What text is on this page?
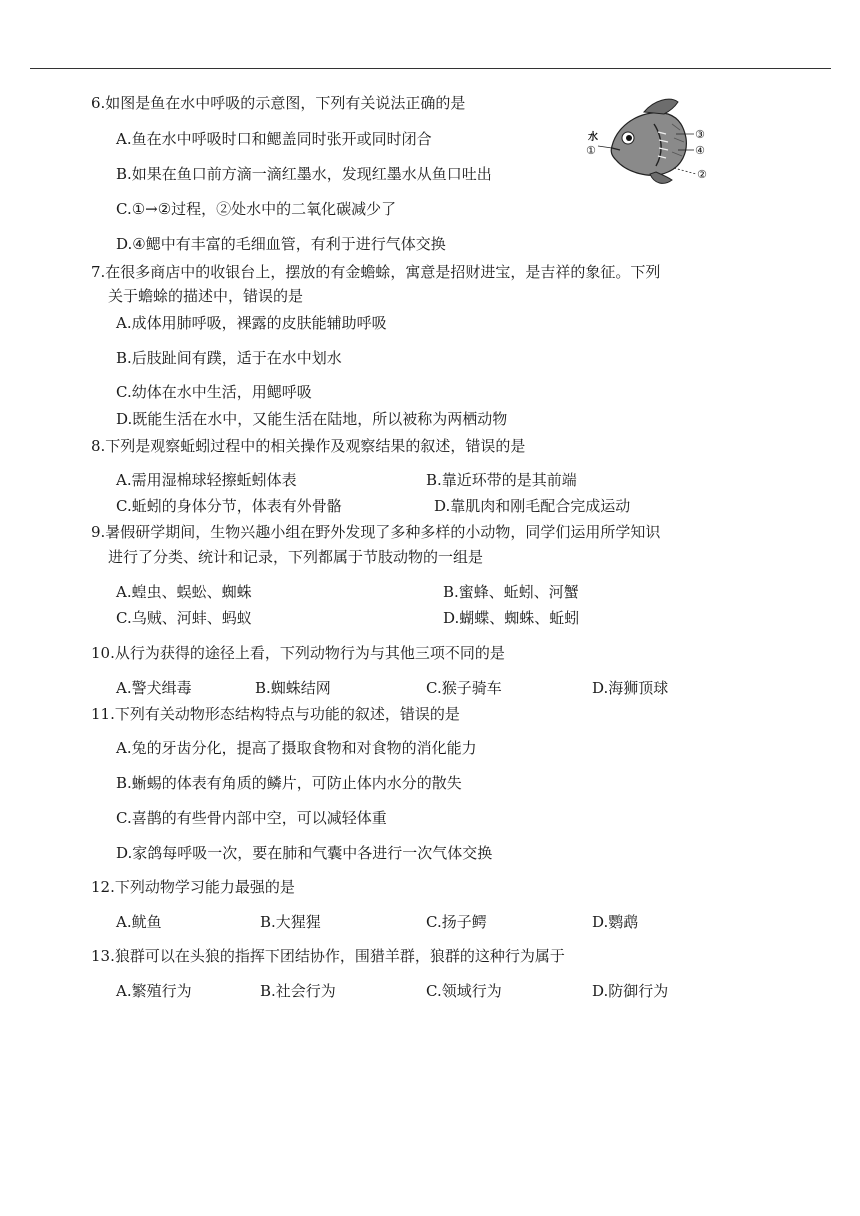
6.如图是鱼在水中呼吸的示意图，下列有关说法正确的是
A.鱼在水中呼吸时口和鳃盖同时张开或同时闭合
B.如果在鱼口前方滴一滴红墨水，发现红墨水从鱼口吐出
C.①→②过程，②处水中的二氧化碳减少了
D.④鳃中有丰富的毛细血管，有利于进行气体交换
水
①
③
④
②
7.在很多商店中的收银台上，摆放的有金蟾蜍，寓意是招财进宝，是吉祥的象征。下列
关于蟾蜍的描述中，错误的是
A.成体用肺呼吸，裸露的皮肤能辅助呼吸
B.后肢趾间有蹼，适于在水中划水
C.幼体在水中生活，用鳃呼吸
D.既能生活在水中，又能生活在陆地，所以被称为两栖动物
8.下列是观察蚯蚓过程中的相关操作及观察结果的叙述，错误的是
A.需用湿棉球轻擦蚯蚓体表	B.靠近环带的是其前端
C.蚯蚓的身体分节，体表有外骨骼	D.靠肌肉和刚毛配合完成运动
9.暑假研学期间，生物兴趣小组在野外发现了多种多样的小动物，同学们运用所学知识
进行了分类、统计和记录，下列都属于节肢动物的一组是
A.蝗虫、蜈蚣、蜘蛛	B.蜜蜂、蚯蚓、河蟹
C.乌贼、河蚌、蚂蚁	D.蝴蝶、蜘蛛、蚯蚓
10.从行为获得的途径上看，下列动物行为与其他三项不同的是
A.警犬缉毒	B.蜘蛛结网	C.猴子骑车	D.海狮顶球
11.下列有关动物形态结构特点与功能的叙述，错误的是
A.兔的牙齿分化，提高了摄取食物和对食物的消化能力
B.蜥蜴的体表有角质的鳞片，可防止体内水分的散失
C.喜鹊的有些骨内部中空，可以减轻体重
D.家鸽每呼吸一次，要在肺和气囊中各进行一次气体交换
12.下列动物学习能力最强的是
A.鱿鱼	B.大猩猩	C.扬子鳄	D.鹦鹉
13.狼群可以在头狼的指挥下团结协作，围猎羊群，狼群的这种行为属于
A.繁殖行为	B.社会行为	C.领域行为	D.防御行为
